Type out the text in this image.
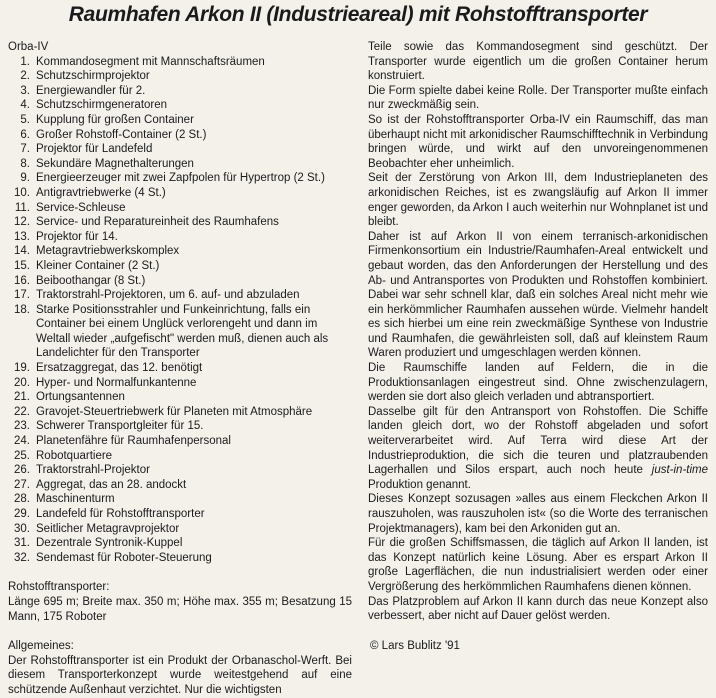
Raumhafen Arkon II (Industrieareal) mit Rohstofftransporter
Orba-IV
1. Kommandosegment mit Mannschaftsräumen
2. Schutzschirmprojektor
3. Energiewandler für 2.
4. Schutzschirmgeneratoren
5. Kupplung für großen Container
6. Großer Rohstoff-Container (2 St.)
7. Projektor für Landefeld
8. Sekundäre Magnethalterungen
9. Energieerzeuger mit zwei Zapfpolen für Hypertrop (2 St.)
10. Antigravtriebwerke (4 St.)
11. Service-Schleuse
12. Service- und Reparatureinheit des Raumhafens
13. Projektor für 14.
14. Metagravtriebwerkskomplex
15. Kleiner Container (2 St.)
16. Beiboothangar (8 St.)
17. Traktorstrahl-Projektoren, um 6. auf- und abzuladen
18. Starke Positionsstrahler und Funkeinrichtung, falls ein Container bei einem Unglück verlorengeht und dann im Weltall wieder „aufgefischt" werden muß, dienen auch als Landelichter für den Transporter
19. Ersatzaggregat, das 12. benötigt
20. Hyper- und Normalfunkantenne
21. Ortungsantennen
22. Gravojet-Steuertriebwerk für Planeten mit Atmosphäre
23. Schwerer Transportgleiter für 15.
24. Planetenfähre für Raumhafenpersonal
25. Robotquartiere
26. Traktorstrahl-Projektor
27. Aggregat, das an 28. andockt
28. Maschinenturm
29. Landefeld für Rohstofftransporter
30. Seitlicher Metagravprojektor
31. Dezentrale Syntronik-Kuppel
32. Sendemast für Roboter-Steuerung
Rohstofftransporter:
Länge 695 m; Breite max. 350 m; Höhe max. 355 m; Besatzung 15 Mann, 175 Roboter
Allgemeines:
Der Rohstofftransporter ist ein Produkt der Orbanaschol-Werft. Bei diesem Transporterkonzept wurde weitestgehend auf eine schützende Außenhaut verzichtet. Nur die wichtigsten

Teile sowie das Kommandosegment sind geschützt. Der Transporter wurde eigentlich um die großen Container herum konstruiert.

Die Form spielte dabei keine Rolle. Der Transporter mußte einfach nur zweckmäßig sein.

So ist der Rohstofftransporter Orba-IV ein Raumschiff, das man überhaupt nicht mit arkonidischer Raumschifftechnik in Verbindung bringen würde, und wirkt auf den unvoreingenommenen Beobachter eher unheimlich.

Seit der Zerstörung von Arkon III, dem Industrieplaneten des arkonidischen Reiches, ist es zwangsläufig auf Arkon II immer enger geworden, da Arkon I auch weiterhin nur Wohnplanet ist und bleibt.

Daher ist auf Arkon II von einem terranisch-arkonidischen Firmenkonsortium ein Industrie/Raumhafen-Areal entwickelt und gebaut worden, das den Anforderungen der Herstellung und des Ab- und Antransportes von Produkten und Rohstoffen kombiniert. Dabei war sehr schnell klar, daß ein solches Areal nicht mehr wie ein herkömmlicher Raumhafen aussehen würde. Vielmehr handelt es sich hierbei um eine rein zweckmäßige Synthese von Industrie und Raumhafen, die gewährleisten soll, daß auf kleinstem Raum Waren produziert und umgeschlagen werden können.

Die Raumschiffe landen auf Feldern, die in die Produktionsanlagen eingestreut sind. Ohne zwischenzulagern, werden sie dort also gleich verladen und abtransportiert.

Dasselbe gilt für den Antransport von Rohstoffen. Die Schiffe landen gleich dort, wo der Rohstoff abgeladen und sofort weiterverarbeitet wird. Auf Terra wird diese Art der Industrieproduktion, die sich die teuren und platzraubenden Lagerhallen und Silos erspart, auch noch heute just-in-time Produktion genannt.

Dieses Konzept sozusagen »alles aus einem Fleckchen Arkon II rauszuholen, was rauszuholen ist« (so die Worte des terranischen Projektmanagers), kam bei den Arkoniden gut an.

Für die großen Schiffsmassen, die täglich auf Arkon II landen, ist das Konzept natürlich keine Lösung. Aber es erspart Arkon II große Lagerflächen, die nun industrialisiert werden oder einer Vergrößerung des herkömmlichen Raumhafens dienen können.

Das Platzproblem auf Arkon II kann durch das neue Konzept also verbessert, aber nicht auf Dauer gelöst werden.

© Lars Bublitz '91
